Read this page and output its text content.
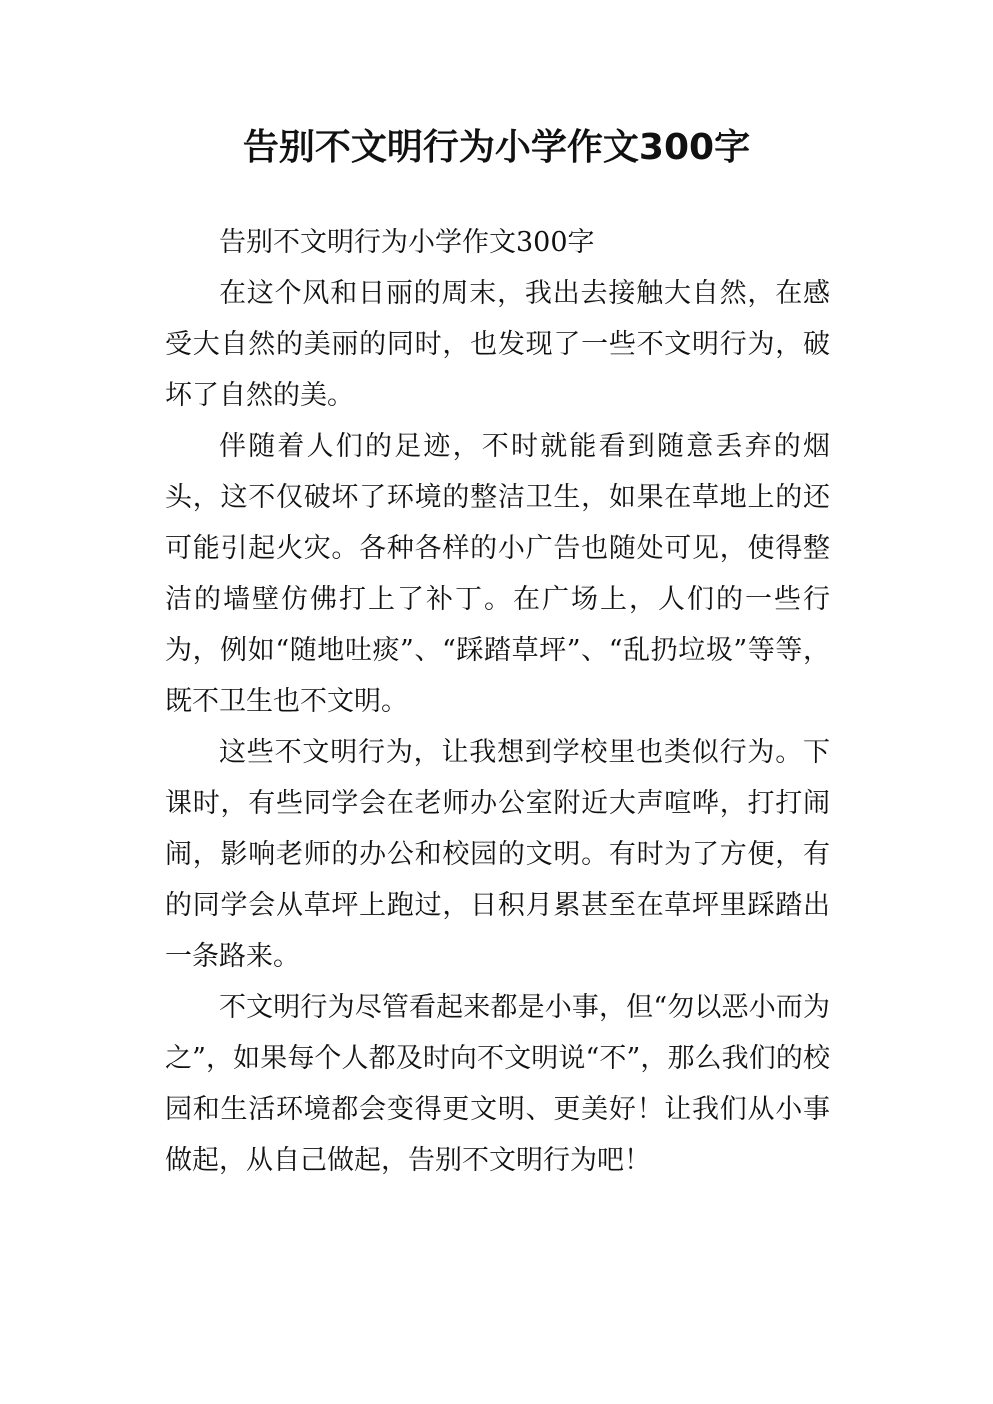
告别不文明行为小学作文300字

告别不文明行为小学作文300字

在这个风和日丽的周末，我出去接触大自然，在感受大自然的美丽的同时，也发现了一些不文明行为，破坏了自然的美。

伴随着人们的足迹，不时就能看到随意丢弃的烟头，这不仅破坏了环境的整洁卫生，如果在草地上的还可能引起火灾。各种各样的小广告也随处可见，使得整洁的墙壁仿佛打上了补丁。在广场上，人们的一些行为，例如“随地吐痰”、“踩踏草坪”、“乱扔垃圾”等等，既不卫生也不文明。

这些不文明行为，让我想到学校里也类似行为。下课时，有些同学会在老师办公室附近大声喧哗，打打闹闹，影响老师的办公和校园的文明。有时为了方便，有的同学会从草坪上跑过，日积月累甚至在草坪里踩踏出一条路来。

不文明行为尽管看起来都是小事，但“勿以恶小而为之”，如果每个人都及时向不文明说“不”，那么我们的校园和生活环境都会变得更文明、更美好！让我们从小事做起，从自己做起，告别不文明行为吧！
